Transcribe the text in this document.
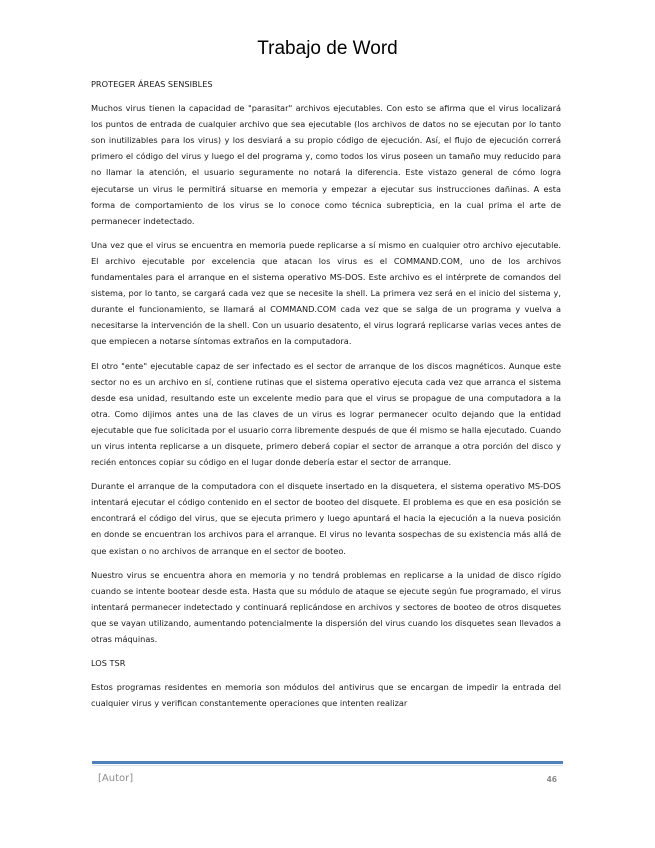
Trabajo de Word

PROTEGER ÁREAS SENSIBLES

Muchos virus tienen la capacidad de "parasitar" archivos ejecutables. Con esto se afirma que el virus localizará los puntos de entrada de cualquier archivo que sea ejecutable (los archivos de datos no se ejecutan por lo tanto son inutilizables para los virus) y los desviará a su propio código de ejecución. Así, el flujo de ejecución correrá primero el código del virus y luego el del programa y, como todos los virus poseen un tamaño muy reducido para no llamar la atención, el usuario seguramente no notará la diferencia. Este vistazo general de cómo logra ejecutarse un virus le permitirá situarse en memoria y empezar a ejecutar sus instrucciones dañinas. A esta forma de comportamiento de los virus se lo conoce como técnica subrepticia, en la cual prima el arte de permanecer indetectado.

Una vez que el virus se encuentra en memoria puede replicarse a sí mismo en cualquier otro archivo ejecutable. El archivo ejecutable por excelencia que atacan los virus es el COMMAND.COM, uno de los archivos fundamentales para el arranque en el sistema operativo MS-DOS. Este archivo es el intérprete de comandos del sistema, por lo tanto, se cargará cada vez que se necesite la shell. La primera vez será en el inicio del sistema y, durante el funcionamiento, se llamará al COMMAND.COM cada vez que se salga de un programa y vuelva a necesitarse la intervención de la shell. Con un usuario desatento, el virus logrará replicarse varias veces antes de que empiecen a notarse síntomas extraños en la computadora.

El otro "ente" ejecutable capaz de ser infectado es el sector de arranque de los discos magnéticos. Aunque este sector no es un archivo en sí, contiene rutinas que el sistema operativo ejecuta cada vez que arranca el sistema desde esa unidad, resultando este un excelente medio para que el virus se propague de una computadora a la otra. Como dijimos antes una de las claves de un virus es lograr permanecer oculto dejando que la entidad ejecutable que fue solicitada por el usuario corra libremente después de que él mismo se halla ejecutado. Cuando un virus intenta replicarse a un disquete, primero deberá copiar el sector de arranque a otra porción del disco y recién entonces copiar su código en el lugar donde debería estar el sector de arranque.

Durante el arranque de la computadora con el disquete insertado en la disquetera, el sistema operativo MS-DOS intentará ejecutar el código contenido en el sector de booteo del disquete. El problema es que en esa posición se encontrará el código del virus, que se ejecuta primero y luego apuntará el hacia la ejecución a la nueva posición en donde se encuentran los archivos para el arranque. El virus no levanta sospechas de su existencia más allá de que existan o no archivos de arranque en el sector de booteo.

Nuestro virus se encuentra ahora en memoria y no tendrá problemas en replicarse a la unidad de disco rígido cuando se intente bootear desde esta. Hasta que su módulo de ataque se ejecute según fue programado, el virus intentará permanecer indetectado y continuará replicándose en archivos y sectores de booteo de otros disquetes que se vayan utilizando, aumentando potencialmente la dispersión del virus cuando los disquetes sean llevados a otras máquinas.

LOS TSR

Estos programas residentes en memoria son módulos del antivirus que se encargan de impedir la entrada del cualquier virus y verifican constantemente operaciones que intenten realizar

[Autor]	46
